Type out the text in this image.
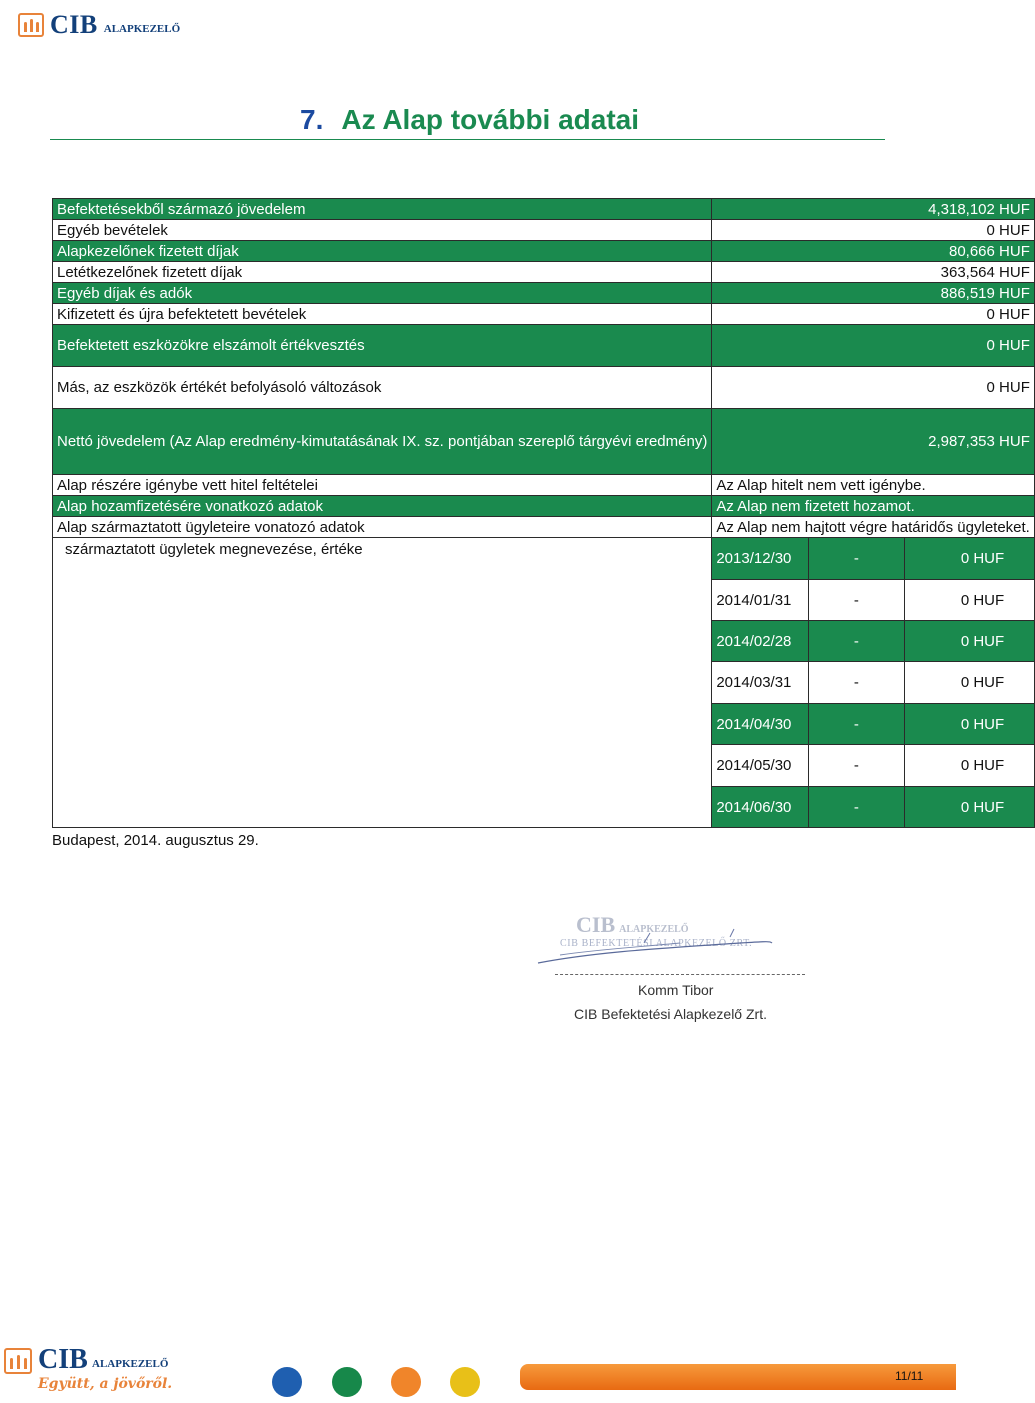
CIB ALAPKEZELŐ
7. Az Alap további adatai
Befektetésekből származó jövedelem	4,318,102 HUF		
Egyéb bevételek	0 HUF		
Alapkezelőnek fizetett díjak	80,666 HUF		
Letétkezelőnek fizetett díjak	363,564 HUF		
Egyéb díjak és adók	886,519 HUF		
Kifizetett és újra befektetett bevételek	0 HUF		
Befektetett eszközökre elszámolt értékvesztés	0 HUF		
Más, az eszközök értékét befolyásoló változások	0 HUF		
Nettó jövedelem (Az Alap eredmény-kimutatásának IX. sz. pontjában szereplő tárgyévi eredmény)	2,987,353 HUF		
Alap részére igénybe vett hitel feltételei	Az Alap hitelt nem vett igénybe.		
Alap hozamfizetésére vonatkozó adatok	Az Alap nem fizetett hozamot.		
Alap származtatott ügyleteire vonatozó adatok	Az Alap nem hajtott végre határidős ügyleteket.		
származtatott ügyletek megnevezése, értéke	2013/12/30	-	0 HUF
	2014/01/31	-	0 HUF
	2014/02/28	-	0 HUF
	2014/03/31	-	0 HUF
	2014/04/30	-	0 HUF
	2014/05/30	-	0 HUF
	2014/06/30	-	0 HUF
Budapest, 2014. augusztus 29.
CIB ALAPKEZELŐ
CIB BEFEKTETÉSI ALAPKEZELŐ ZRT.
Komm Tibor
CIB Befektetési Alapkezelő Zrt.
CIB ALAPKEZELŐ
Együtt, a jövőről.	11/11
